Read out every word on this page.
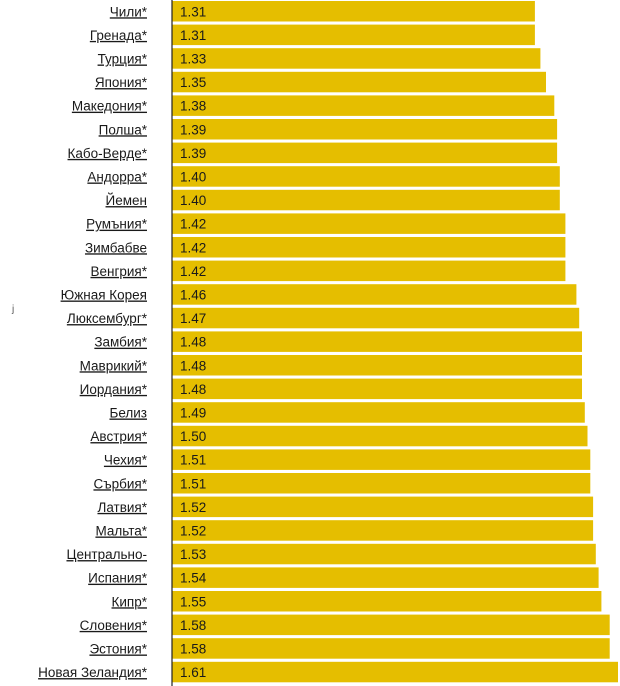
j
Чили*
Гренада*
Турция*
Япония*
Македония*
Полша*
Кабо-Верде*
Андорра*
Йемен
Румъния*
Зимбабве
Венгрия*
Южная Корея
Люксембург*
Замбия*
Маврикий*
Иордания*
Белиз
Австрия*
Чехия*
Сърбия*
Латвия*
Мальта*
Центрально-
Испания*
Кипр*
Словения*
Эстония*
Новая Зеландия*
1.31
1.31
1.33
1.35
1.38
1.39
1.39
1.40
1.40
1.42
1.42
1.42
1.46
1.47
1.48
1.48
1.48
1.49
1.50
1.51
1.51
1.52
1.52
1.53
1.54
1.55
1.58
1.58
1.61
